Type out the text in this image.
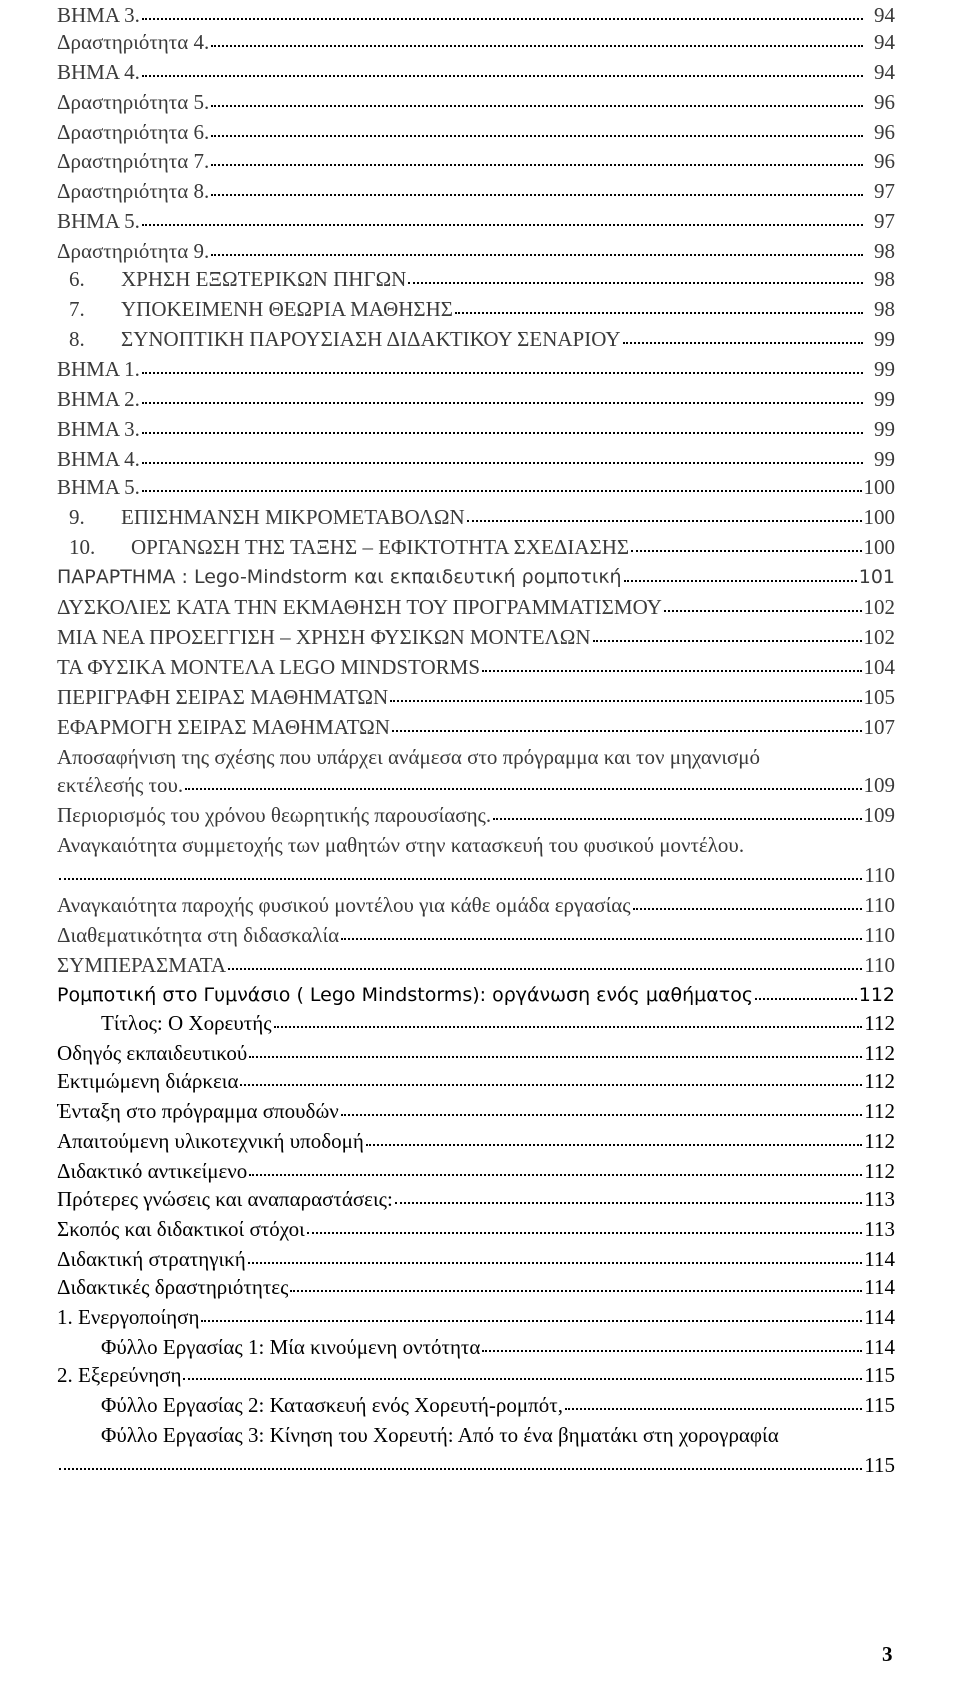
ΒΗΜΑ 3.	94
Δραστηριότητα 4.	94
ΒΗΜΑ 4.	94
Δραστηριότητα 5.	96
Δραστηριότητα 6.	96
Δραστηριότητα 7.	96
Δραστηριότητα 8.	97
ΒΗΜΑ 5.	97
Δραστηριότητα 9.	98
6.	ΧΡΗΣΗ ΕΞΩΤΕΡΙΚΩΝ ΠΗΓΩΝ	98
7.	ΥΠΟΚΕΙΜΕΝΗ ΘΕΩΡΙΑ ΜΑΘΗΣΗΣ	98
8.	ΣΥΝΟΠΤΙΚΗ ΠΑΡΟΥΣΙΑΣΗ ΔΙΔΑΚΤΙΚΟΥ ΣΕΝΑΡΙΟΥ	99
ΒΗΜΑ 1.	99
ΒΗΜΑ 2.	99
ΒΗΜΑ 3.	99
ΒΗΜΑ 4.	99
ΒΗΜΑ 5.	100
9.	ΕΠΙΣΗΜΑΝΣΗ ΜΙΚΡΟΜΕΤΑΒΟΛΩΝ	100
10.	ΟΡΓΑΝΩΣΗ ΤΗΣ ΤΑΞΗΣ – ΕΦΙΚΤΟΤΗΤΑ ΣΧΕΔΙΑΣΗΣ	100
ΠΑΡΑΡΤΗΜΑ : Lego-Mindstorm και εκπαιδευτική ρομποτική	101
ΔΥΣΚΟΛΙΕΣ ΚΑΤΑ ΤΗΝ ΕΚΜΑΘΗΣΗ ΤΟΥ ΠΡΟΓΡΑΜΜΑΤΙΣΜΟΥ	102
ΜΙΑ ΝΕΑ ΠΡΟΣΕΓΓΙΣΗ – ΧΡΗΣΗ ΦΥΣΙΚΩΝ ΜΟΝΤΕΛΩΝ	102
ΤΑ ΦΥΣΙΚΑ ΜΟΝΤΕΛΑ LEGO MINDSTORMS	104
ΠΕΡΙΓΡΑΦΗ ΣΕΙΡΑΣ ΜΑΘΗΜΑΤΩΝ	105
ΕΦΑΡΜΟΓΗ ΣΕΙΡΑΣ ΜΑΘΗΜΑΤΩΝ	107
Αποσαφήνιση της σχέσης που υπάρχει ανάμεσα στο πρόγραμμα και τον μηχανισμό
εκτέλεσής του.	109
Περιορισμός του χρόνου θεωρητικής παρουσίασης.	109
Αναγκαιότητα συμμετοχής των μαθητών στην κατασκευή του φυσικού μοντέλου.
110
Αναγκαιότητα παροχής φυσικού μοντέλου για κάθε ομάδα εργασίας	110
Διαθεματικότητα στη διδασκαλία	110
ΣΥΜΠΕΡΑΣΜΑΤΑ	110
Ρομποτική στο Γυμνάσιο ( Lego Mindstorms): οργάνωση ενός μαθήματος	112
Τίτλος: Ο Χορευτής	112
Οδηγός εκπαιδευτικού	112
Εκτιμώμενη διάρκεια	112
Ένταξη στο πρόγραμμα σπουδών	112
Απαιτούμενη υλικοτεχνική υποδομή	112
Διδακτικό αντικείμενο	112
Πρότερες γνώσεις και αναπαραστάσεις:	113
Σκοπός και διδακτικοί στόχοι	113
Διδακτική στρατηγική	114
Διδακτικές δραστηριότητες	114
1. Ενεργοποίηση	114
Φύλλο Εργασίας 1: Μία κινούμενη οντότητα	114
2. Εξερεύνηση	115
Φύλλο Εργασίας 2: Κατασκευή ενός Χορευτή-ρομπότ,	115
Φύλλο Εργασίας 3: Κίνηση του Χορευτή: Από το ένα βηματάκι στη χορογραφία
115
3
